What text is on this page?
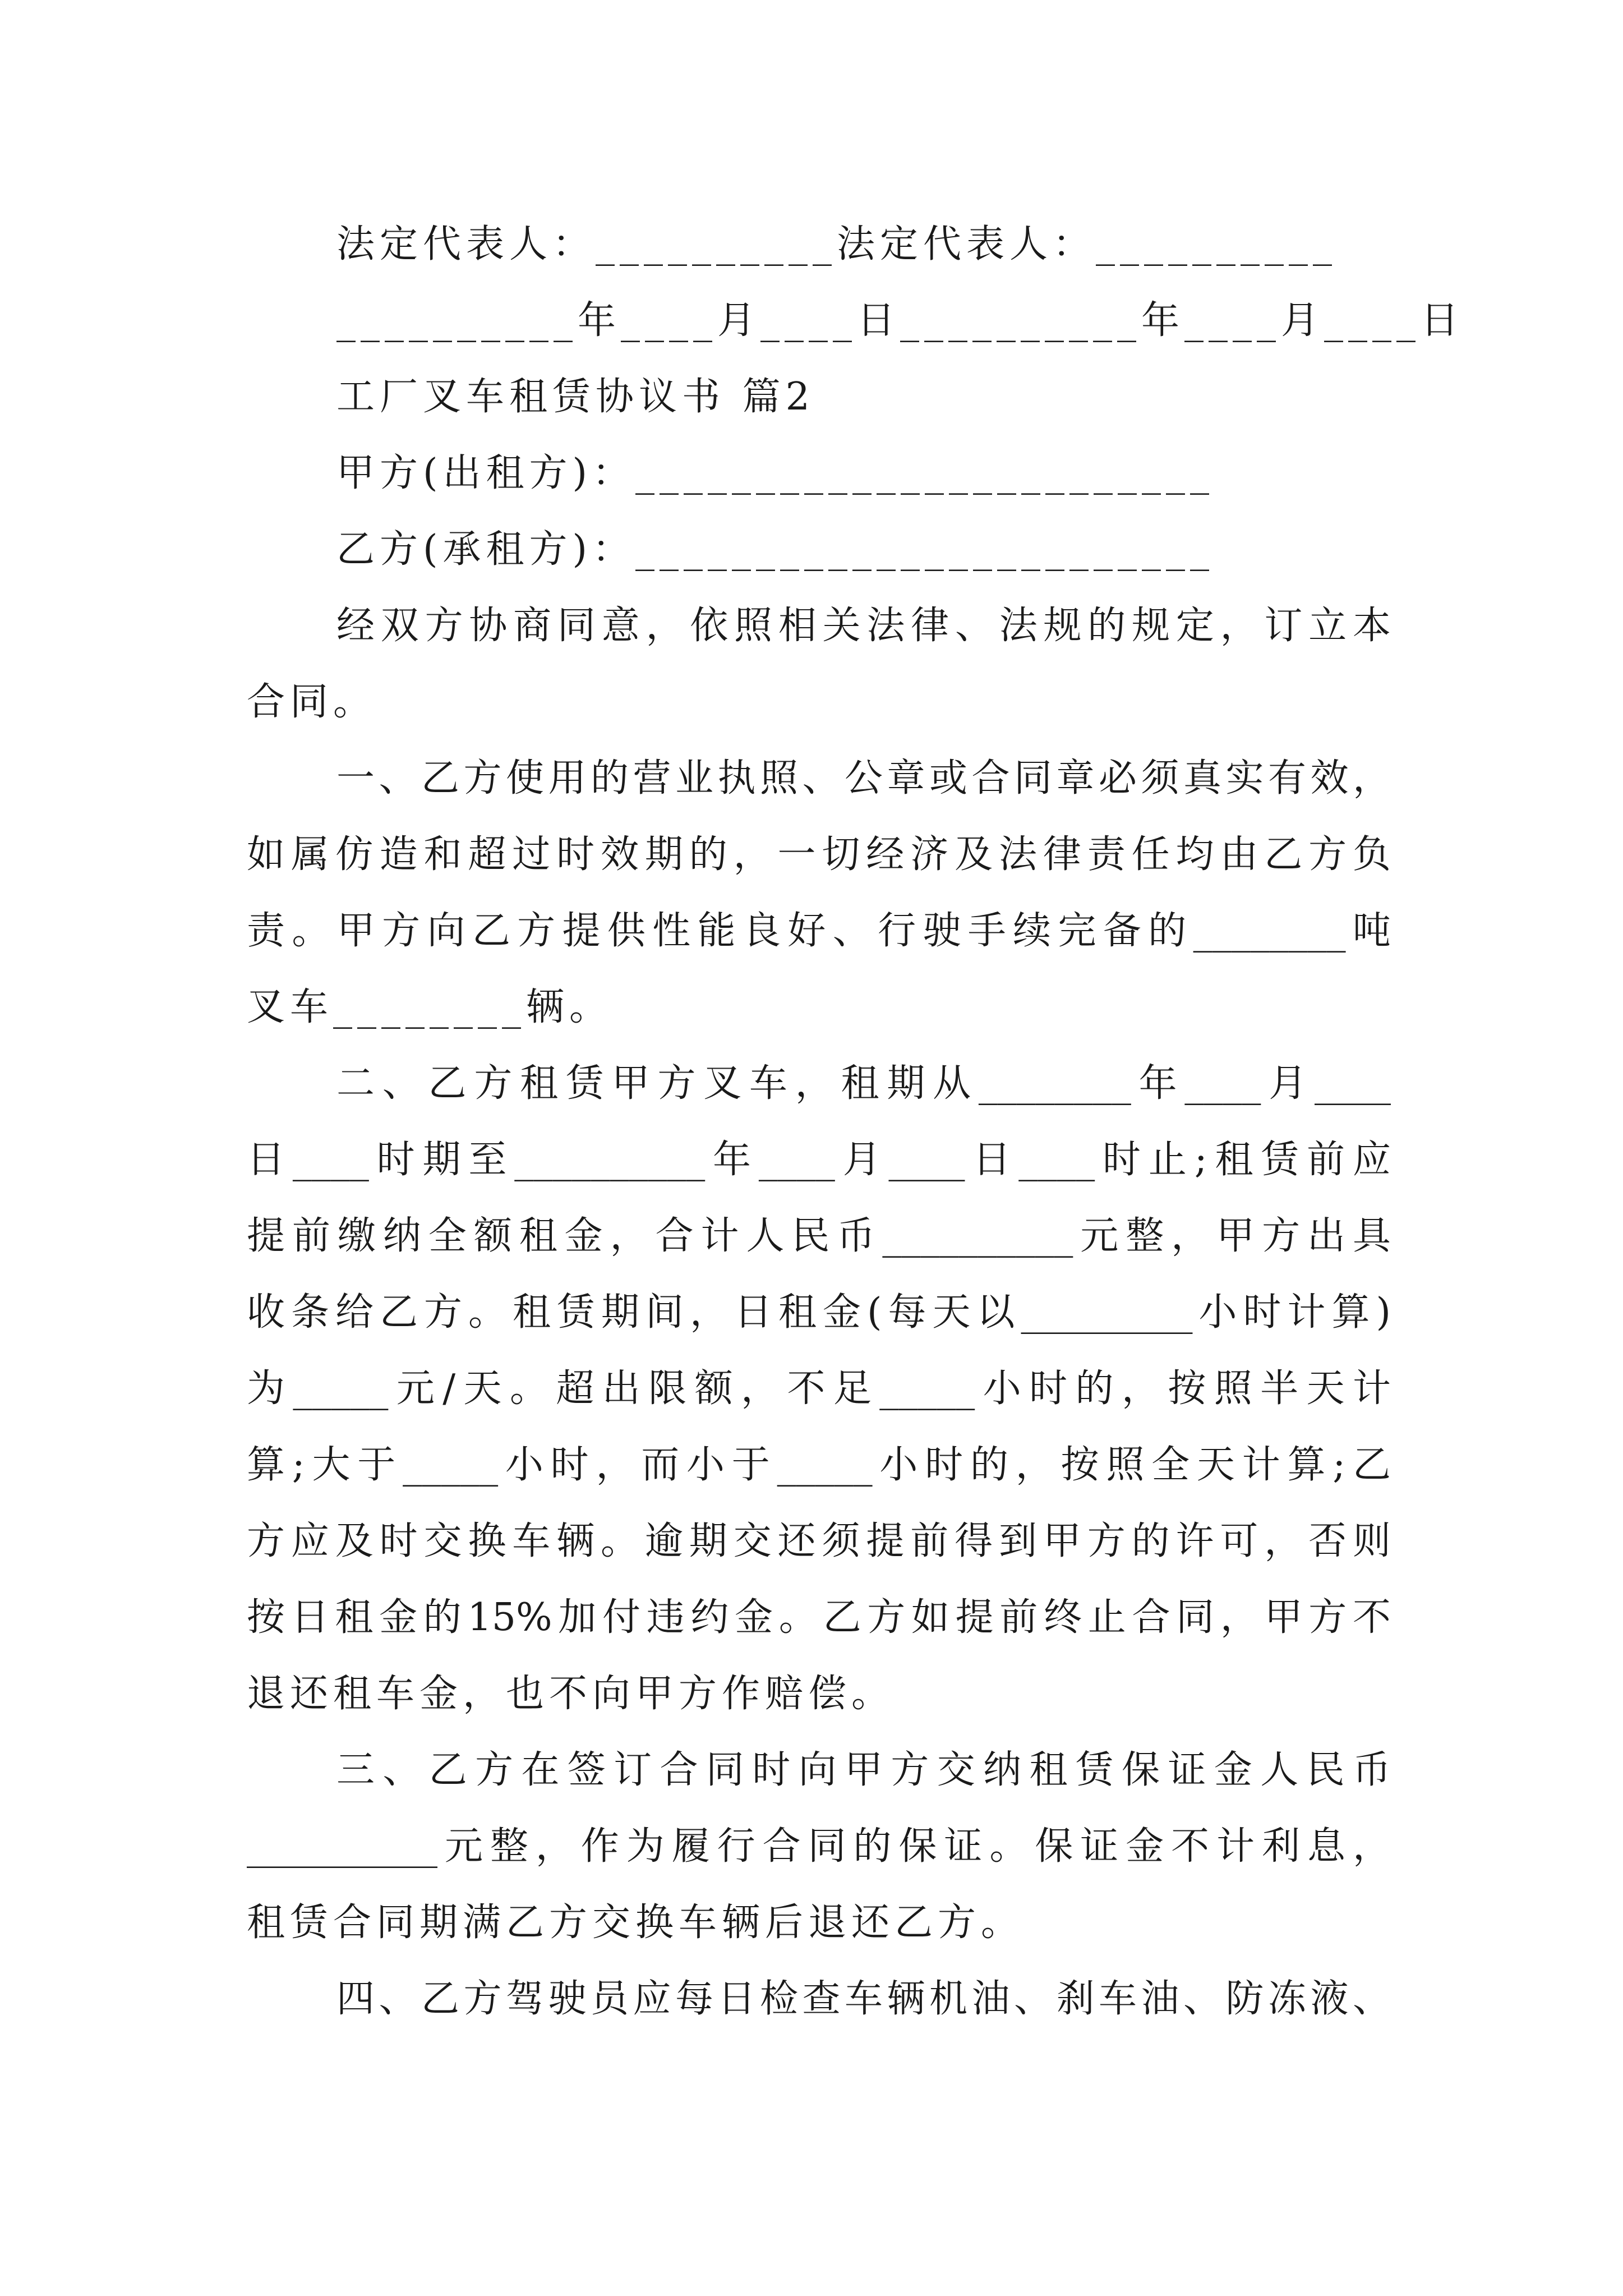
法定代表人：__________法定代表人：__________
__________年____月____日__________年____月____日
工厂叉车租赁协议书 篇2
甲方(出租方)：________________________
乙方(承租方)：________________________
经双方协商同意，依照相关法律、法规的规定，订立本
合同。
一、乙方使用的营业执照、公章或合同章必须真实有效，
如属仿造和超过时效期的，一切经济及法律责任均由乙方负
责。甲方向乙方提供性能良好、行驶手续完备的________吨
叉车________辆。
二、乙方租赁甲方叉车，租期从________年____月____
日____时期至__________年____月____日____时止;租赁前应
提前缴纳全额租金，合计人民币__________元整，甲方出具
收条给乙方。租赁期间，日租金(每天以_________小时计算)
为_____元/天。超出限额，不足_____小时的，按照半天计
算;大于_____小时，而小于_____小时的，按照全天计算;乙
方应及时交换车辆。逾期交还须提前得到甲方的许可，否则
按日租金的15%加付违约金。乙方如提前终止合同，甲方不
退还租车金，也不向甲方作赔偿。
三、乙方在签订合同时向甲方交纳租赁保证金人民币
__________元整，作为履行合同的保证。保证金不计利息，
租赁合同期满乙方交换车辆后退还乙方。
四、乙方驾驶员应每日检查车辆机油、刹车油、防冻液、
